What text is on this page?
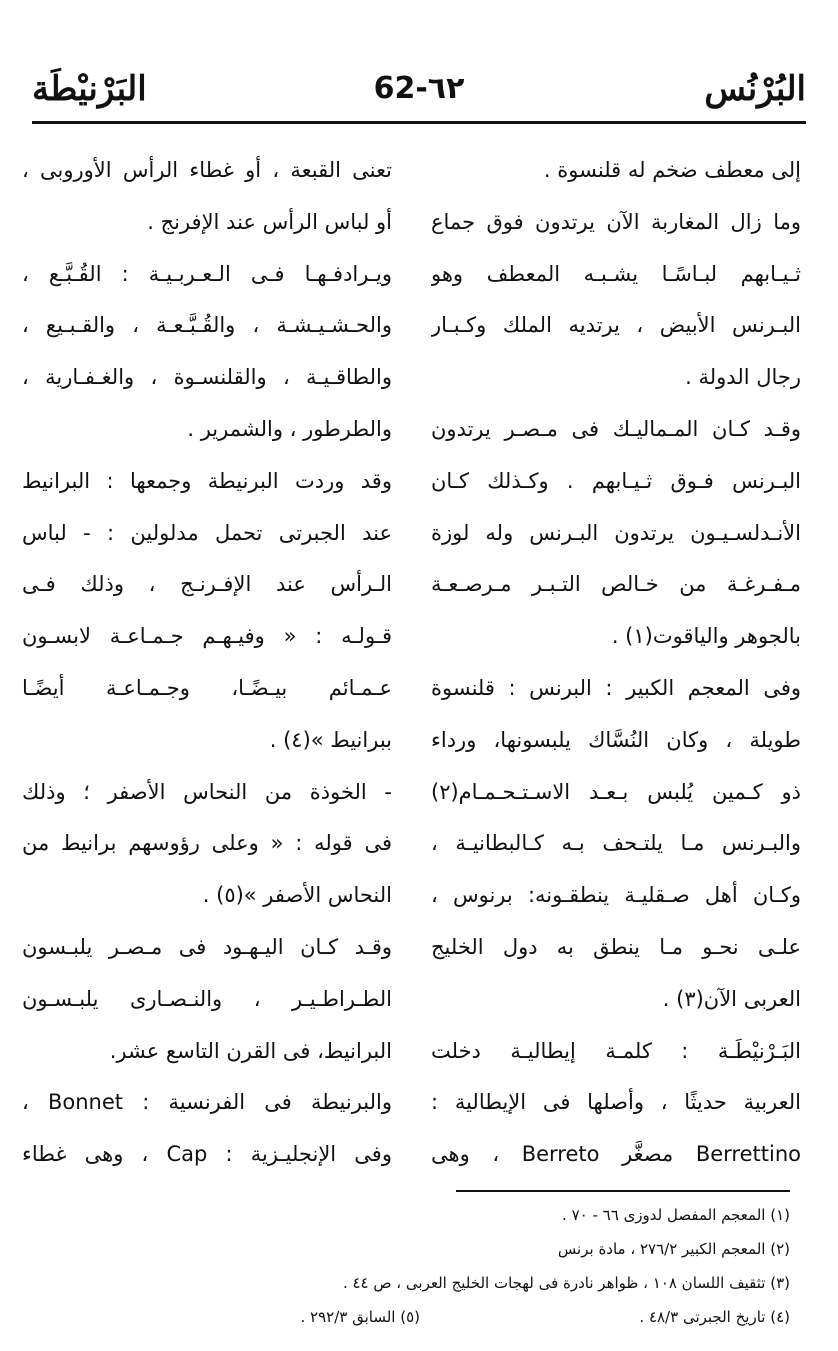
البُرْنُس
62-٦٢
البَرْنيْطَة
إلى معطف ضخم له قلنسوة .
وما زال المغاربة الآن يرتدون فوق جماع
ثـيـابهم لبـاسًـا يشـبـه المعطف وهو
البـرنس الأبيض ، يرتديه الملك وكـبـار
رجال الدولة .
وقـد كـان المـماليـك فى مـصـر يرتدون
البـرنس فـوق ثـيـابهم . وكـذلك كـان
الأنـدلسـيـون يرتدون البـرنس وله لوزة
مـفـرغـة من خـالص التـبـر مـرصـعـة
بالجوهر والياقوت(١) .
وفى المعجم الكبير : البرنس : قلنسوة
طويلة ، وكان النُسَّاك يلبسونها، ورداء
ذو كـمين يُلبس بـعـد الاسـتـحـمـام(٢)
والبـرنس مـا يلتـحف بـه كـالبطانيـة ،
وكـان أهل صـقليـة ينطقـونه: برنوس ،
علـى نحـو مـا ينطق به دول الخليج
العربى الآن(٣) .
البَـرْنيْطَـة : كلمـة إيطاليـة دخلت
العربية حديثًا ، وأصلها فى الإيطالية :
Berrettino مصغَّر Berreto ، وهى
تعنى القبعة ، أو غطاء الرأس الأوروبى ،
أو لباس الرأس عند الإفرنج .
ويـرادفـهـا فـى الـعـربـيـة : القُـبَّـع ،
والحـشـيـشـة ، والقُـبَّـعـة ، والقـبـيع ،
والطاقـيـة ، والقلنسـوة ، والغـفـارية ،
والطرطور ، والشمرير .
وقد وردت البرنيطة وجمعها : البرانيط
عند الجبرتى تحمل مدلولين : - لباس
الـرأس عند الإفـرنـج ، وذلك فـى
قـولـه : « وفيـهـم جـمـاعـة لابسـون
عـمـائم بيـضًـا، وجـمـاعـة أيضًـا
ببرانيط »(٤) .
- الخوذة من النحاس الأصفر ؛ وذلك
فى قوله : « وعلى رؤوسهم برانيط من
النحاس الأصفر »(٥) .
وقـد كـان اليـهـود فى مـصـر يلبـسون
الطـراطـيـر ، والنـصـارى يلبـسـون
البرانيط، فى القرن التاسع عشر.
والبرنيطة فى الفرنسية : Bonnet ،
وفى الإنجليـزية : Cap ، وهى غطاء
(١) المعجم المفصل لدوزى ٦٦ - ٧٠ .
(٢) المعجم الكبير ٢٧٦/٢ ، مادة برنس
(٣) تثقيف اللسان ١٠٨ ، ظواهر نادرة فى لهجات الخليج العربى ، ص ٤٤ .
(٤) تاريخ الجبرتى ٤٨/٣ .
(٥) السابق ٢٩٢/٣ .
